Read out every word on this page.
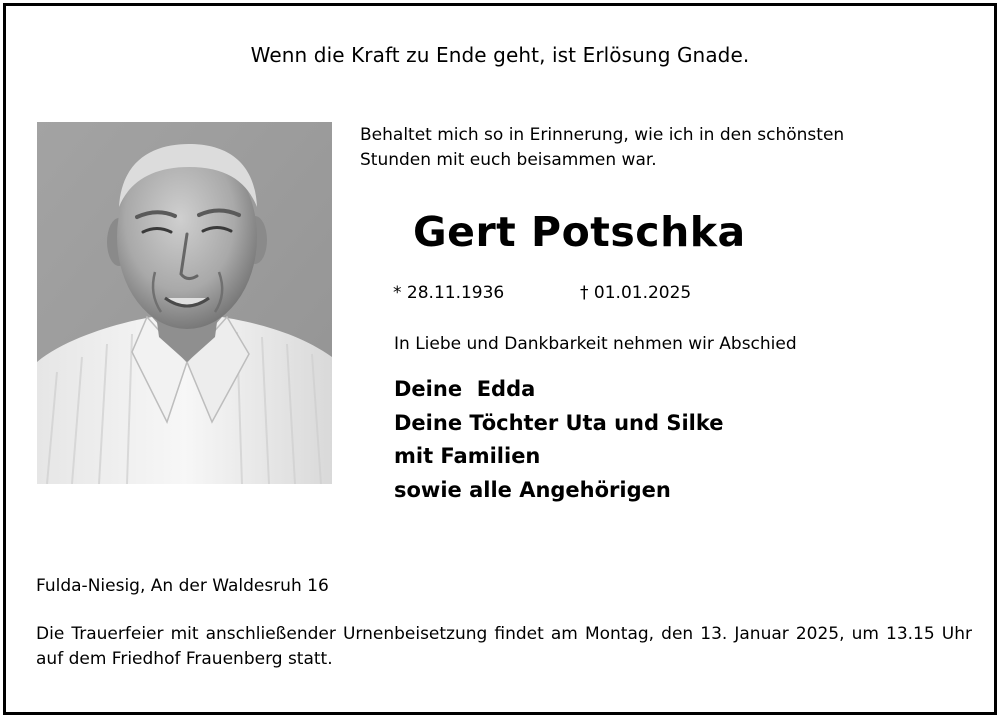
Wenn die Kraft zu Ende geht, ist Erlösung Gnade.
Behaltet mich so in Erinnerung, wie ich in den schönsten
Stunden mit euch beisammen war.
Gert Potschka
* 28.11.1936	† 01.01.2025
In Liebe und Dankbarkeit nehmen wir Abschied
Deine  Edda
Deine Töchter Uta und Silke
mit Familien
sowie alle Angehörigen
Fulda-Niesig, An der Waldesruh 16
Die Trauerfeier mit anschließender Urnenbeisetzung findet am Montag, den 13. Januar 2025, um 13.15 Uhr auf dem Friedhof Frauenberg statt.
